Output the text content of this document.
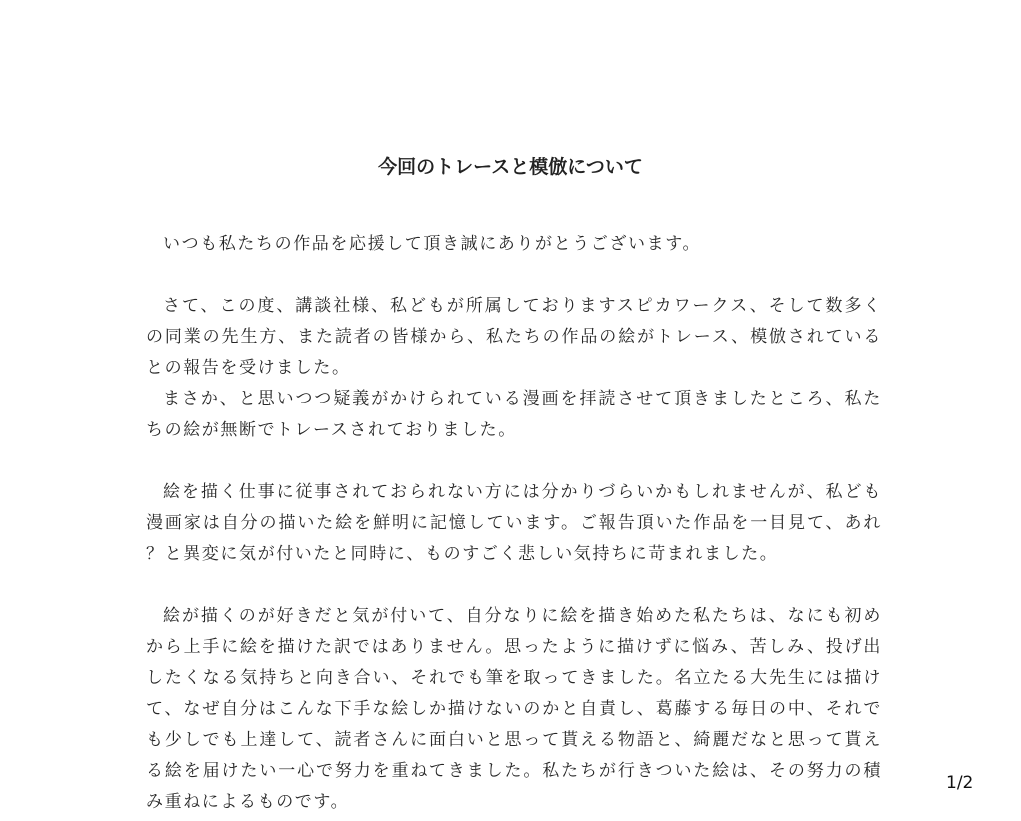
今回のトレースと模倣について

いつも私たちの作品を応援して頂き誠にありがとうございます。

さて、この度、講談社様、私どもが所属しておりますスピカワークス、そして数多くの同業の先生方、また読者の皆様から、私たちの作品の絵がトレース、模倣されているとの報告を受けました。

まさか、と思いつつ疑義がかけられている漫画を拝読させて頂きましたところ、私たちの絵が無断でトレースされておりました。

絵を描く仕事に従事されておられない方には分かりづらいかもしれませんが、私ども漫画家は自分の描いた絵を鮮明に記憶しています。ご報告頂いた作品を一目見て、あれ？と異変に気が付いたと同時に、ものすごく悲しい気持ちに苛まれました。

絵が描くのが好きだと気が付いて、自分なりに絵を描き始めた私たちは、なにも初めから上手に絵を描けた訳ではありません。思ったように描けずに悩み、苦しみ、投げ出したくなる気持ちと向き合い、それでも筆を取ってきました。名立たる大先生には描けて、なぜ自分はこんな下手な絵しか描けないのかと自責し、葛藤する毎日の中、それでも少しでも上達して、読者さんに面白いと思って貰える物語と、綺麗だなと思って貰える絵を届けたい一心で努力を重ねてきました。私たちが行きついた絵は、その努力の積み重ねによるものです。

1/2
